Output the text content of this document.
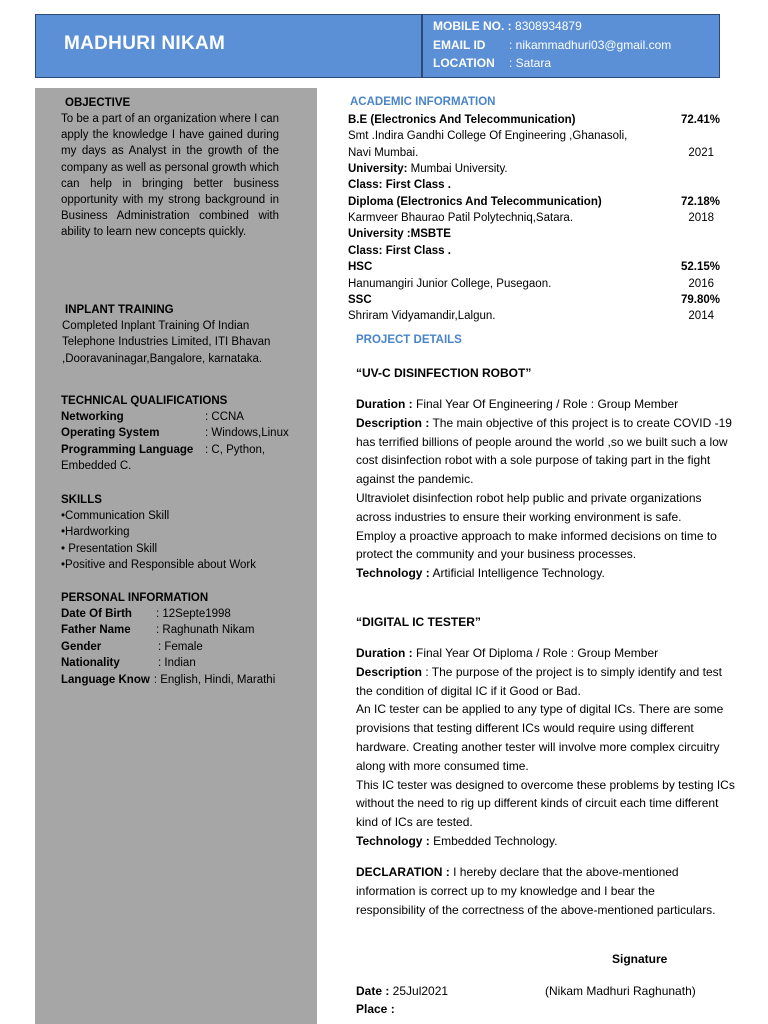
MADHURI NIKAM
MOBILE NO. : 8308934879
EMAIL ID : nikammadhuri03@gmail.com
LOCATION : Satara
OBJECTIVE
To be a part of an organization where I can apply the knowledge I have gained during my days as Analyst in the growth of the company as well as personal growth which can help in bringing better business opportunity with my strong background in Business Administration combined with ability to learn new concepts quickly.
INPLANT TRAINING
Completed Inplant Training Of Indian Telephone Industries Limited, ITI Bhavan ,Dooravaninagar,Bangalore, karnataka.
TECHNICAL QUALIFICATIONS
Networking	: CCNA
Operating System	: Windows,Linux
Programming Language	: C, Python,
Embedded C.
SKILLS
•Communication Skill
•Hardworking
• Presentation Skill
•Positive and Responsible about Work
PERSONAL INFORMATION
Date Of Birth	: 12Septe1998
Father Name	: Raghunath Nikam
Gender	: Female
Nationality	: Indian
Language Know : English, Hindi, Marathi
ACADEMIC INFORMATION
B.E (Electronics And Telecommunication)	72.41%
Smt .Indira Gandhi College Of Engineering ,Ghanasoli,
Navi Mumbai.	2021
University: Mumbai University.
Class: First Class .
Diploma (Electronics And Telecommunication)	72.18%
Karmveer Bhaurao Patil Polytechniq,Satara.	2018
University :MSBTE
Class: First Class .
HSC	52.15%
Hanumangiri Junior College, Pusegaon.	2016
SSC	79.80%
Shriram Vidyamandir,Lalgun.	2014
PROJECT DETAILS
“UV-C DISINFECTION ROBOT”
Duration : Final Year Of Engineering / Role : Group Member
Description : The main objective of this project is to create COVID -19 has terrified billions of people around the world ,so we built such a low cost disinfection robot with a sole purpose of taking part in the fight against the pandemic.
Ultraviolet disinfection robot help public and private organizations across industries to ensure their working environment is safe.
Employ a proactive approach to make informed decisions on time to protect the community and your business processes.
Technology : Artificial Intelligence Technology.
“DIGITAL IC TESTER”
Duration : Final Year Of Diploma / Role : Group Member
Description : The purpose of the project is to simply identify and test the condition of digital IC if it Good or Bad.
An IC tester can be applied to any type of digital ICs. There are some provisions that testing different ICs would require using different hardware. Creating another tester will involve more complex circuitry along with more consumed time.
This IC tester was designed to overcome these problems by testing ICs without the need to rig up different kinds of circuit each time different kind of ICs are tested.
Technology : Embedded Technology.
DECLARATION : I hereby declare that the above-mentioned information is correct up to my knowledge and I bear the responsibility of the correctness of the above-mentioned particulars.
Signature
Date : 25Jul2021	(Nikam Madhuri Raghunath)
Place :
